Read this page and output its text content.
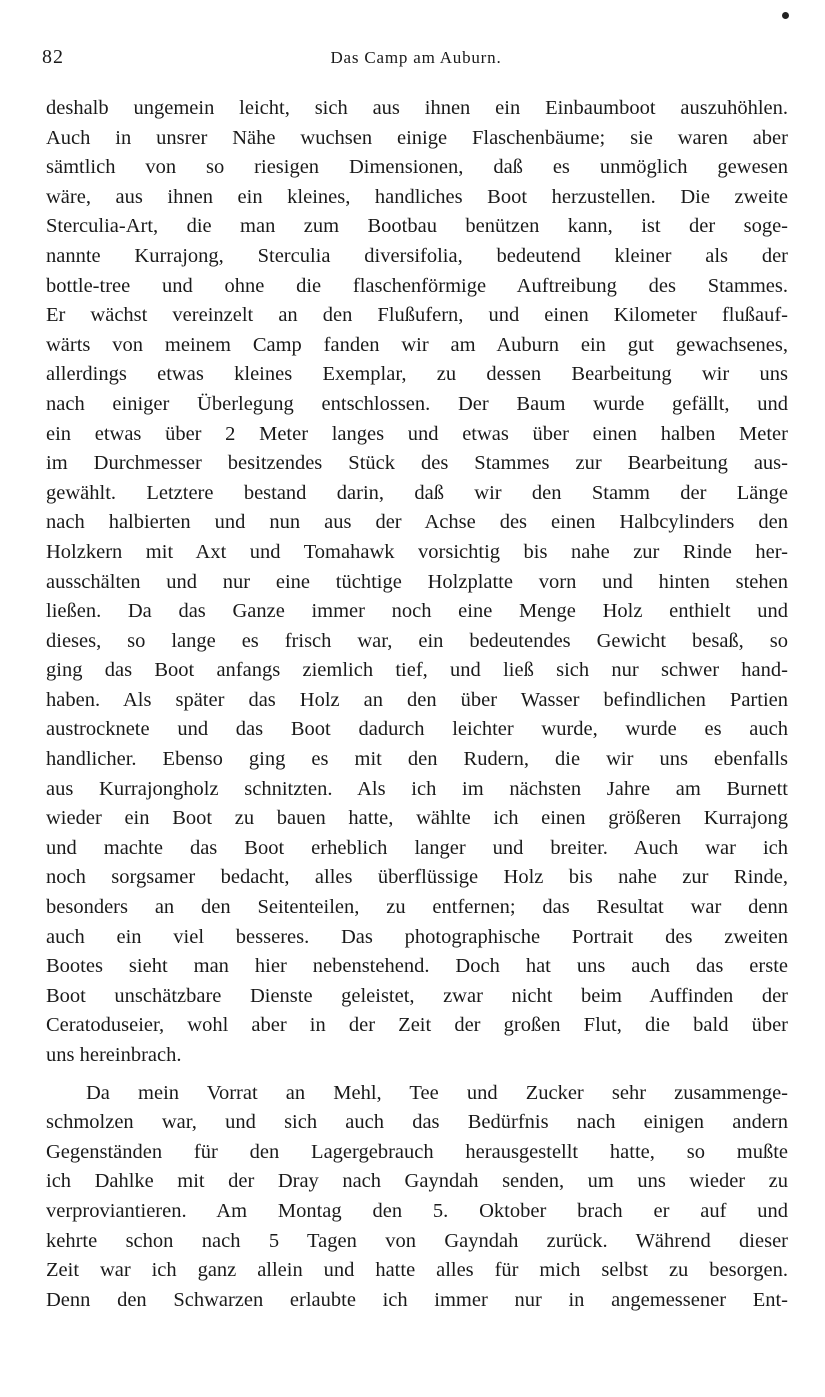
82	Das Camp am Auburn.
deshalb ungemein leicht, sich aus ihnen ein Einbaumboot auszuhöhlen.
Auch in unsrer Nähe wuchsen einige Flaschenbäume; sie waren aber
sämtlich von so riesigen Dimensionen, daß es unmöglich gewesen
wäre, aus ihnen ein kleines, handliches Boot herzustellen. Die zweite
Sterculia-Art, die man zum Bootbau benützen kann, ist der soge-
nannte Kurrajong, Sterculia diversifolia, bedeutend kleiner als der
bottle-tree und ohne die flaschenförmige Auftreibung des Stammes.
Er wächst vereinzelt an den Flußufern, und einen Kilometer flußauf-
wärts von meinem Camp fanden wir am Auburn ein gut gewachsenes,
allerdings etwas kleines Exemplar, zu dessen Bearbeitung wir uns
nach einiger Überlegung entschlossen. Der Baum wurde gefällt, und
ein etwas über 2 Meter langes und etwas über einen halben Meter
im Durchmesser besitzendes Stück des Stammes zur Bearbeitung aus-
gewählt. Letztere bestand darin, daß wir den Stamm der Länge
nach halbierten und nun aus der Achse des einen Halbcylinders den
Holzkern mit Axt und Tomahawk vorsichtig bis nahe zur Rinde her-
ausschälten und nur eine tüchtige Holzplatte vorn und hinten stehen
ließen. Da das Ganze immer noch eine Menge Holz enthielt und
dieses, so lange es frisch war, ein bedeutendes Gewicht besaß, so
ging das Boot anfangs ziemlich tief, und ließ sich nur schwer hand-
haben. Als später das Holz an den über Wasser befindlichen Partien
austrocknete und das Boot dadurch leichter wurde, wurde es auch
handlicher. Ebenso ging es mit den Rudern, die wir uns ebenfalls
aus Kurrajongholz schnitzten. Als ich im nächsten Jahre am Burnett
wieder ein Boot zu bauen hatte, wählte ich einen größeren Kurrajong
und machte das Boot erheblich langer und breiter. Auch war ich
noch sorgsamer bedacht, alles überflüssige Holz bis nahe zur Rinde,
besonders an den Seitenteilen, zu entfernen; das Resultat war denn
auch ein viel besseres. Das photographische Portrait des zweiten
Bootes sieht man hier nebenstehend. Doch hat uns auch das erste
Boot unschätzbare Dienste geleistet, zwar nicht beim Auffinden der
Ceratoduseier, wohl aber in der Zeit der großen Flut, die bald über
uns hereinbrach.
Da mein Vorrat an Mehl, Tee und Zucker sehr zusammenge-
schmolzen war, und sich auch das Bedürfnis nach einigen andern
Gegenständen für den Lagergebrauch herausgestellt hatte, so mußte
ich Dahlke mit der Dray nach Gayndah senden, um uns wieder zu
verproviantieren. Am Montag den 5. Oktober brach er auf und
kehrte schon nach 5 Tagen von Gayndah zurück. Während dieser
Zeit war ich ganz allein und hatte alles für mich selbst zu besorgen.
Denn den Schwarzen erlaubte ich immer nur in angemessener Ent-
